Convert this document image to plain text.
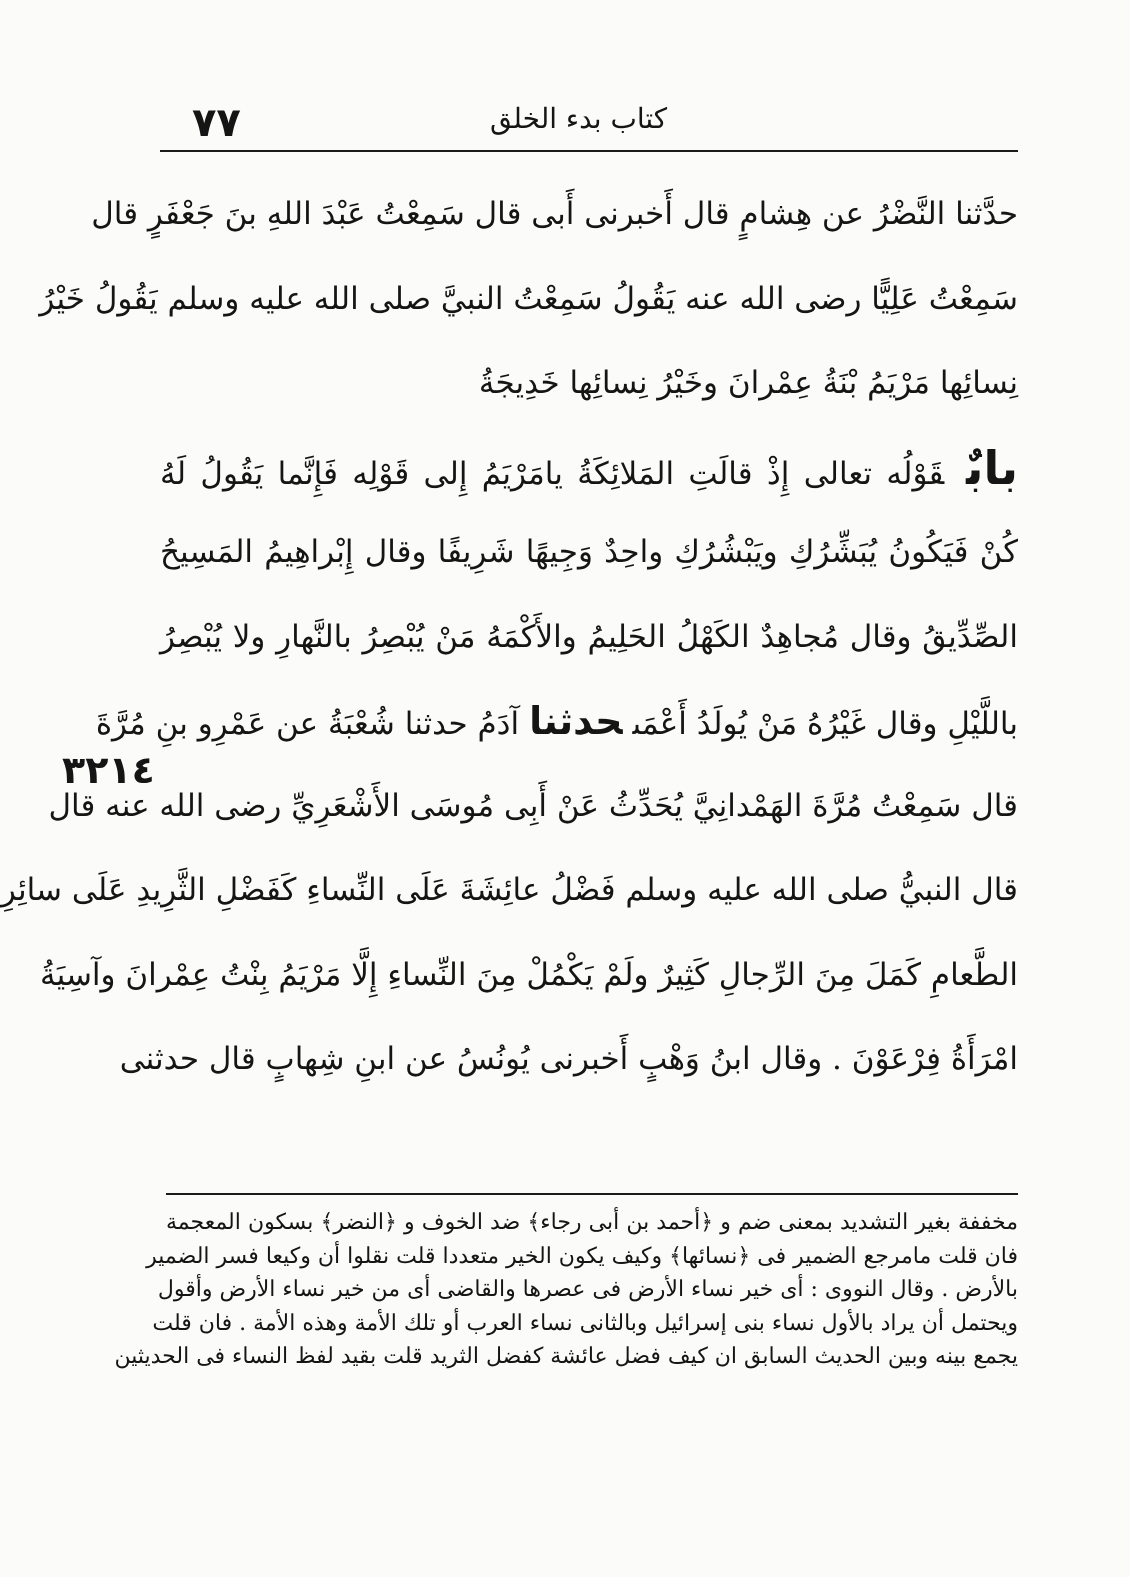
٧٧	كتاب بدء الخلق
حدَّثنا النَّضْرُ عن هِشامٍ قال أَخبرنى أَبى قال سَمِعْتُ عَبْدَ اللهِ بنَ جَعْفَرٍ قال
سَمِعْتُ عَلِيًّا رضى الله عنه يَقُولُ سَمِعْتُ النبيَّ صلى الله عليه وسلم يَقُولُ خَيْرُ
نِسائِها مَرْيَمُ بْنَةُ عِمْرانَ وخَيْرُ نِسائِها خَدِيجَةُ
بابٌقَوْلُه تعالى إِذْ قالَتِ المَلائِكَةُ يامَرْيَمُ إِلى قَوْلِه فَإِنَّما يَقُولُ لَهُ
كُنْ فَيَكُونُ يُبَشِّرُكِ ويَبْشُرُكِ واحِدٌ وَجِيهًا شَرِيفًا وقال إِبْراهِيمُ المَسِيحُ
الصِّدِّيقُ وقال مُجاهِدٌ الكَهْلُ الحَلِيمُ والأَكْمَهُ مَنْ يُبْصِرُ بالنَّهارِ ولا يُبْصِرُ
باللَّيْلِ وقال غَيْرُهُ مَنْ يُولَدُ أَعْمَىحدثناآدَمُ حدثنا شُعْبَةُ عن عَمْرِو بنِ مُرَّةَ
قال سَمِعْتُ مُرَّةَ الهَمْدانِيَّ يُحَدِّثُ عَنْ أَبِى مُوسَى الأَشْعَرِيِّ رضى الله عنه قال
قال النبيُّ صلى الله عليه وسلم فَضْلُ عائِشَةَ عَلَى النِّساءِ كَفَضْلِ الثَّرِيدِ عَلَى سائِرِ
الطَّعامِ كَمَلَ مِنَ الرِّجالِ كَثِيرٌ ولَمْ يَكْمُلْ مِنَ النِّساءِ إِلَّا مَرْيَمُ بِنْتُ عِمْرانَ وآسِيَةُ
امْرَأَةُ فِرْعَوْنَ . وقال ابنُ وَهْبٍ أَخبرنى يُونُسُ عن ابنِ شِهابٍ قال حدثنى
٣٢١٤
مخففة بغير التشديد بمعنى ضم و ﴿أحمد بن أبى رجاء﴾ ضد الخوف و ﴿النضر﴾ بسكون المعجمة
فان قلت مامرجع الضمير فى ﴿نسائها﴾ وكيف يكون الخير متعددا قلت نقلوا أن وكيعا فسر الضمير
بالأرض . وقال النووى : أى خير نساء الأرض فى عصرها والقاضى أى من خير نساء الأرض وأقول
ويحتمل أن يراد بالأول نساء بنى إسرائيل وبالثانى نساء العرب أو تلك الأمة وهذه الأمة . فان قلت
يجمع بينه وبين الحديث السابق ان كيف فضل عائشة كفضل الثريد قلت بقيد لفظ النساء فى الحديثين
